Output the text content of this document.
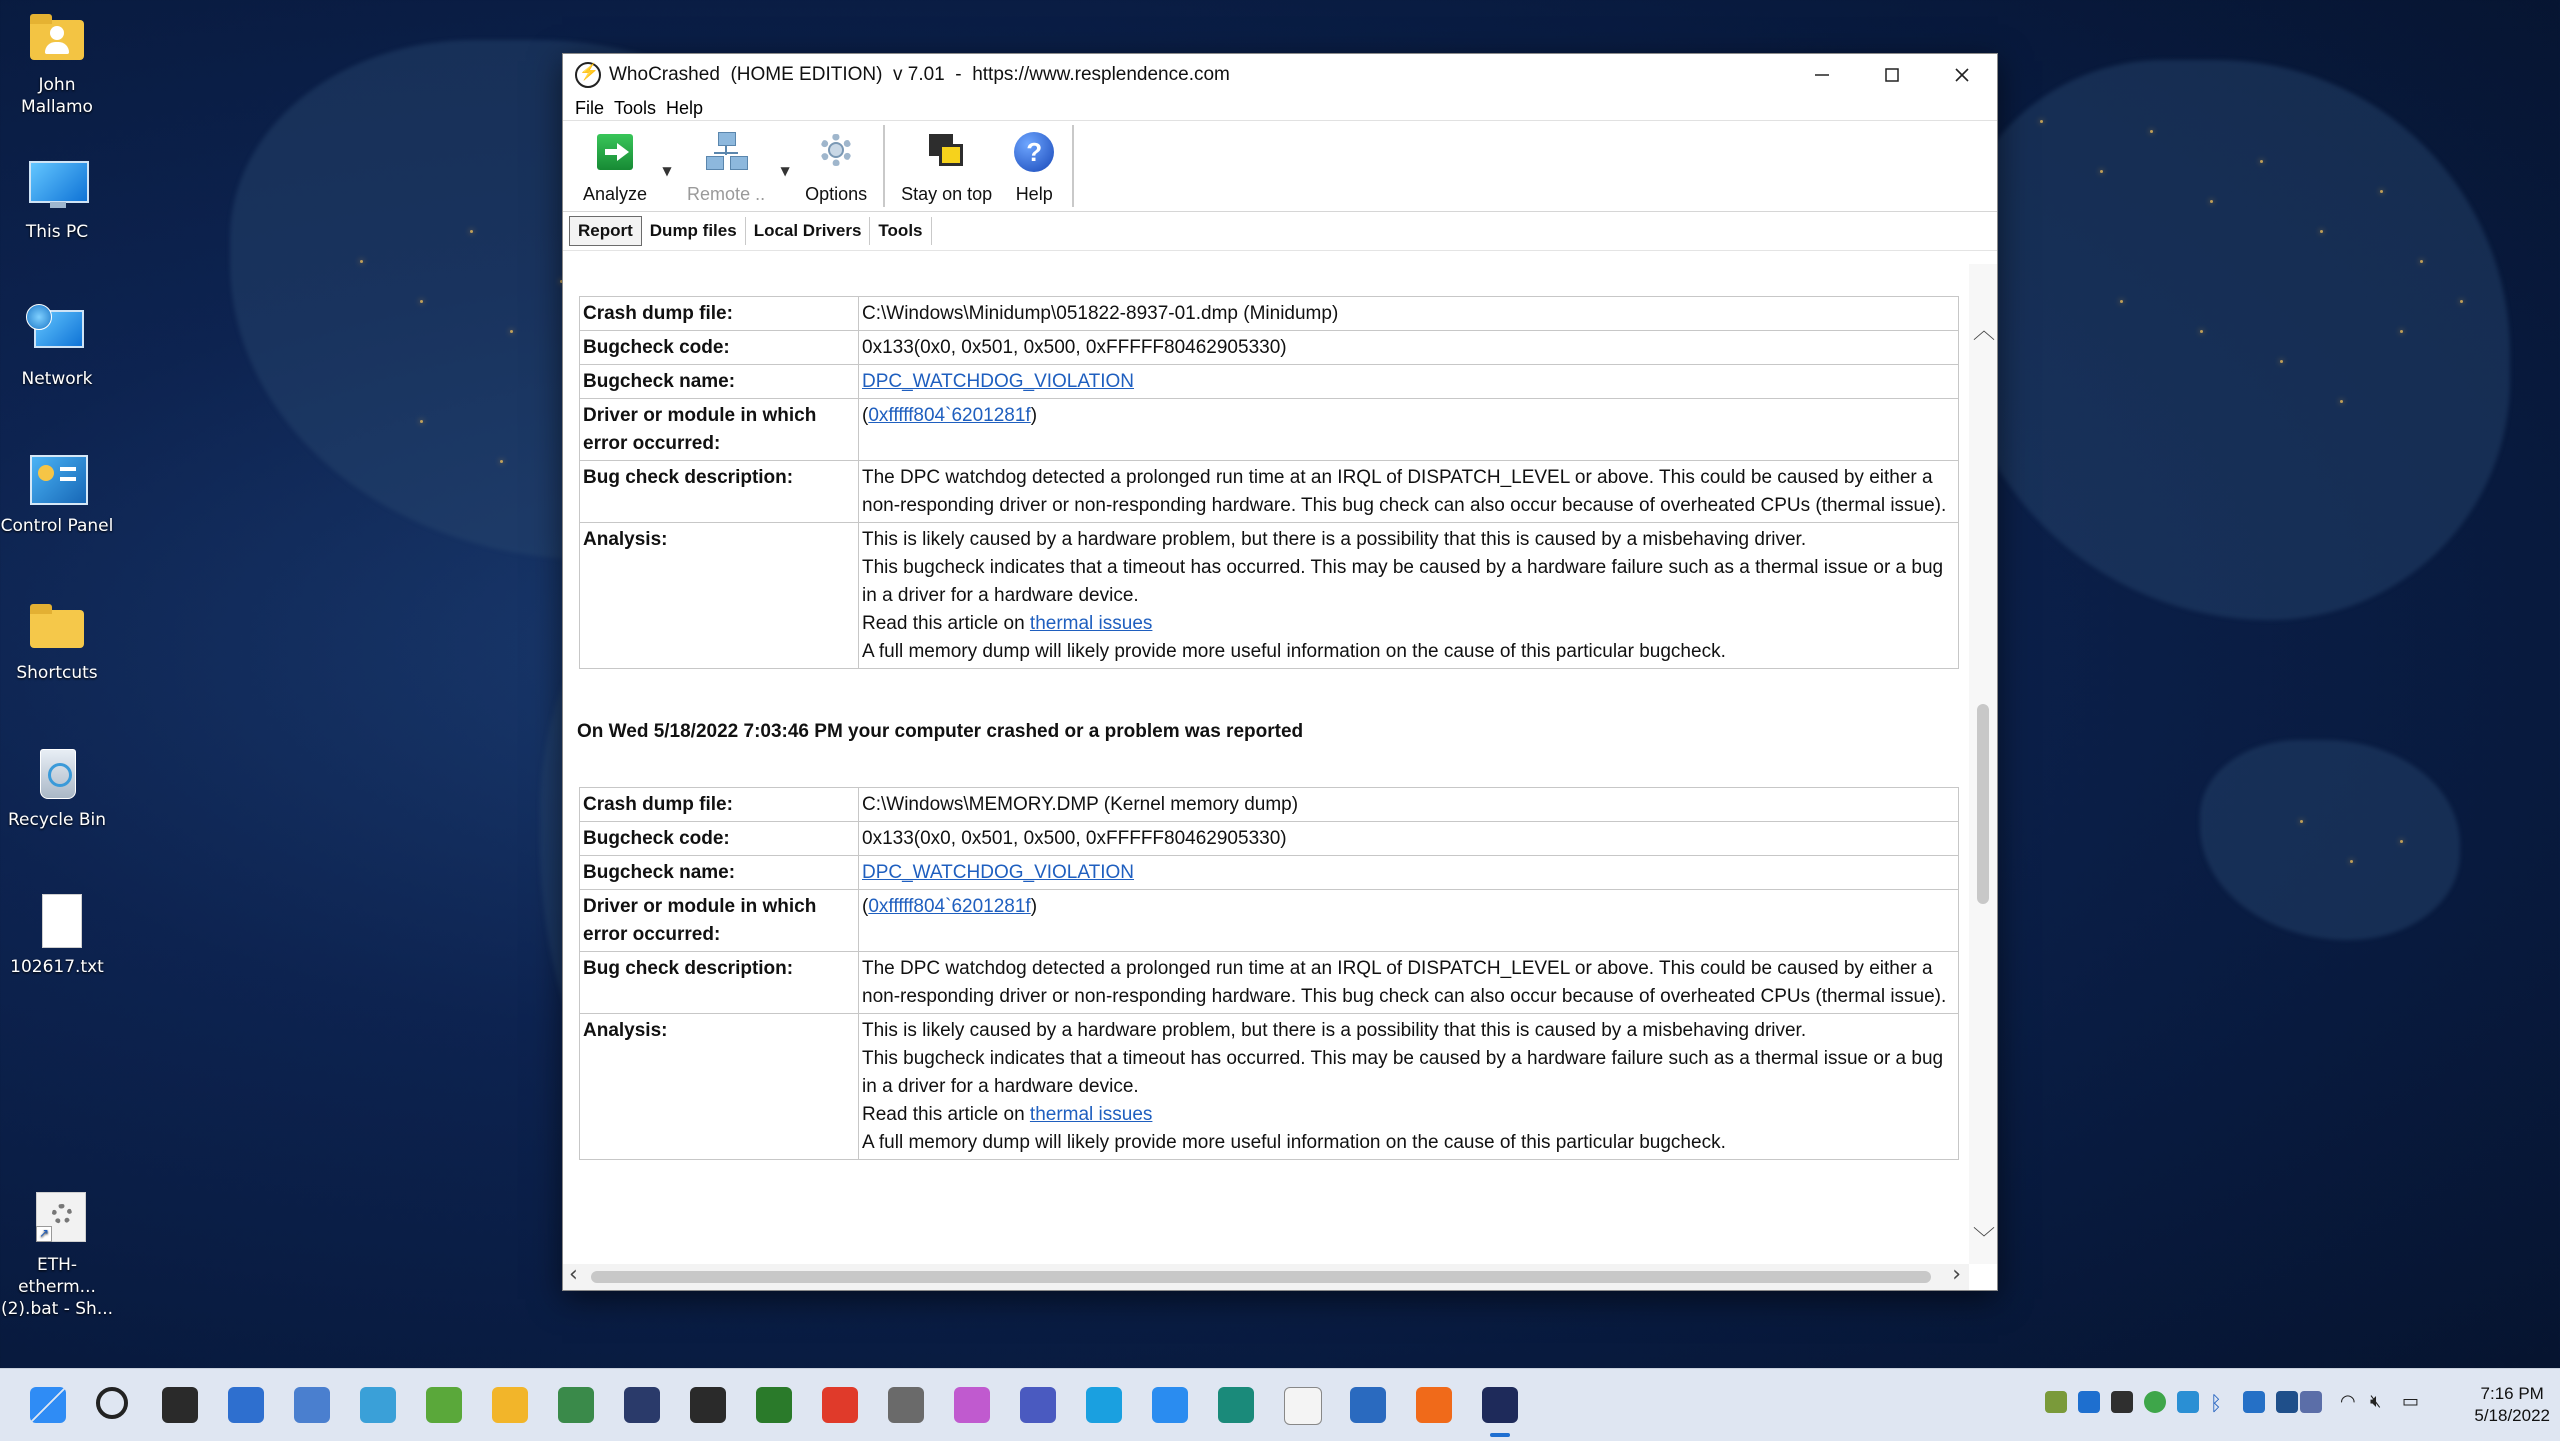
John Mallamo
This PC
Network
Control Panel
Shortcuts
Recycle Bin
102617.txt
↗
ETH-etherm... (2).bat - Sh...
⚡
WhoCrashed  (HOME EDITION)  v 7.01  -  https://www.resplendence.com
File Tools Help
Analyze
▼
Remote ..
▼
Options Stay on top
?
Help
Report	Dump files	Local Drivers	Tools
Crash dump file:	C:\Windows\Minidump\051822-8937-01.dmp (Minidump)
Bugcheck code:	0x133(0x0, 0x501, 0x500, 0xFFFFF80462905330)
Bugcheck name:	DPC_WATCHDOG_VIOLATION
Driver or module in which error occurred:	(0xfffff804`6201281f)
Bug check description:	The DPC watchdog detected a prolonged run time at an IRQL of DISPATCH_LEVEL or above. This could be caused by either a non-responding driver or non-responding hardware. This bug check can also occur because of overheated CPUs (thermal issue).
Analysis:	This is likely caused by a hardware problem, but there is a possibility that this is caused by a misbehaving driver.
This bugcheck indicates that a timeout has occurred. This may be caused by a hardware failure such as a thermal issue or a bug in a driver for a hardware device.
Read this article on thermal issues
A full memory dump will likely provide more useful information on the cause of this particular bugcheck.
On Wed 5/18/2022 7:03:46 PM your computer crashed or a problem was reported
Crash dump file:	C:\Windows\MEMORY.DMP (Kernel memory dump)
Bugcheck code:	0x133(0x0, 0x501, 0x500, 0xFFFFF80462905330)
Bugcheck name:	DPC_WATCHDOG_VIOLATION
Driver or module in which error occurred:	(0xfffff804`6201281f)
Bug check description:	The DPC watchdog detected a prolonged run time at an IRQL of DISPATCH_LEVEL or above. This could be caused by either a non-responding driver or non-responding hardware. This bug check can also occur because of overheated CPUs (thermal issue).
Analysis:	This is likely caused by a hardware problem, but there is a possibility that this is caused by a misbehaving driver.
This bugcheck indicates that a timeout has occurred. This may be caused by a hardware failure such as a thermal issue or a bug in a driver for a hardware device.
Read this article on thermal issues
A full memory dump will likely provide more useful information on the cause of this particular bugcheck.
︿
﹀
‹	›
ᛒ	◠ 🔇︎	▭	7:16 PM
5/18/2022
